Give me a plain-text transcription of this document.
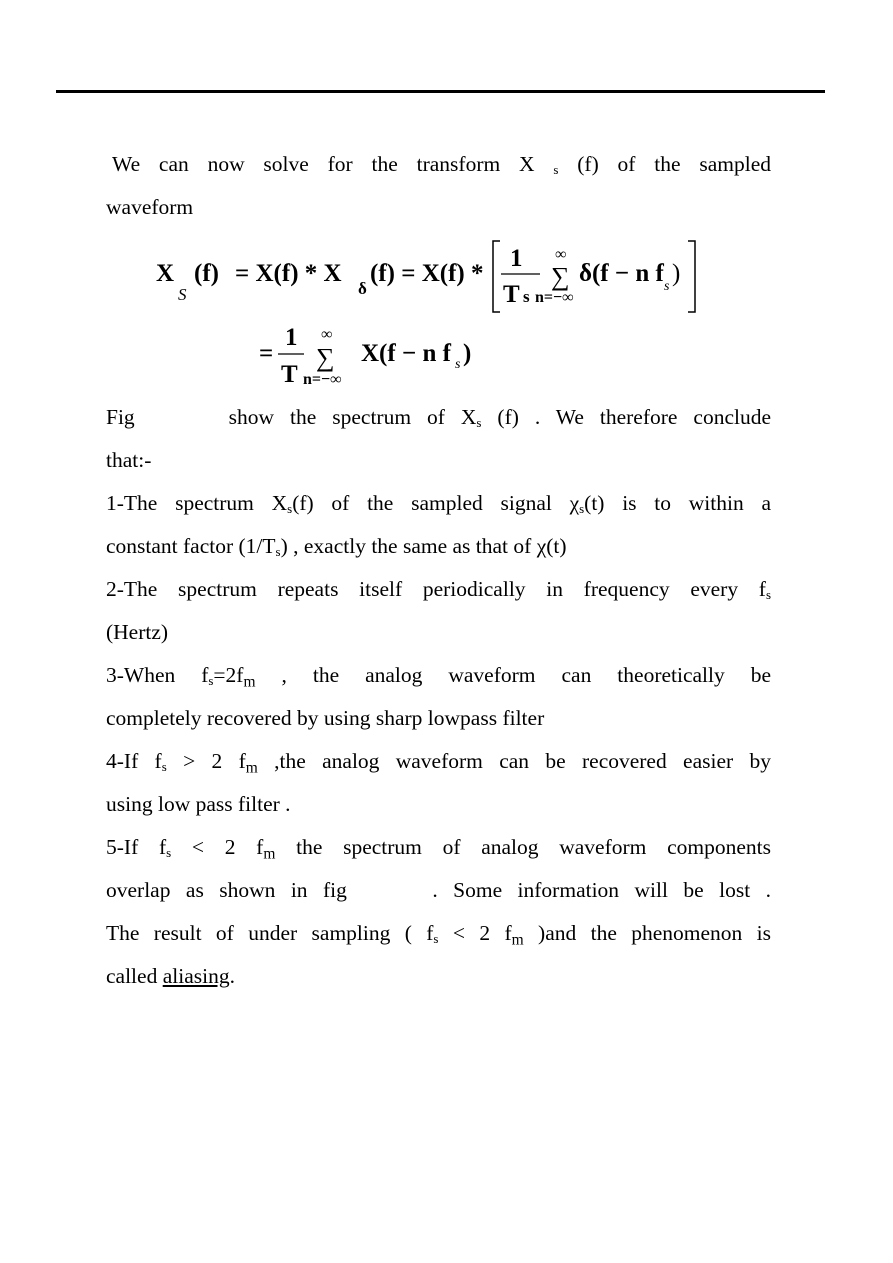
We can now solve for the transform X $_s$ (f) of the sampled
waveform
X
S
(f) = X(f) * X
δ
(f) = X(f) *
1
T s
∞
∑
n=−∞
δ(f − n f s )
=
1
T
∞
∑
n=−∞
X(f − n f s )
Fig	show the spectrum of $X_s$ (f) . We therefore conclude
that:-
1-The spectrum $X_s(f)$ of the sampled signal $\chi_s(t)$ is to within a
constant factor $(1/T_s)$ , exactly the same as that of χ(t)
2-The spectrum repeats itself periodically in frequency every $f_s$
(Hertz)
3-When $f_s=2f_m$ , the analog waveform can theoretically be
completely recovered by using sharp lowpass filter
4-If $f_s > 2$ $f_m$ ,the analog waveform can be recovered easier by
using low pass filter .
5-If $f_s < 2$ $f_m$ the spectrum of analog waveform components
overlap as shown in fig	. Some information will be lost .
The result of under sampling ( $f_s < 2$ $f_m$ )and the phenomenon is
called aliasing.
